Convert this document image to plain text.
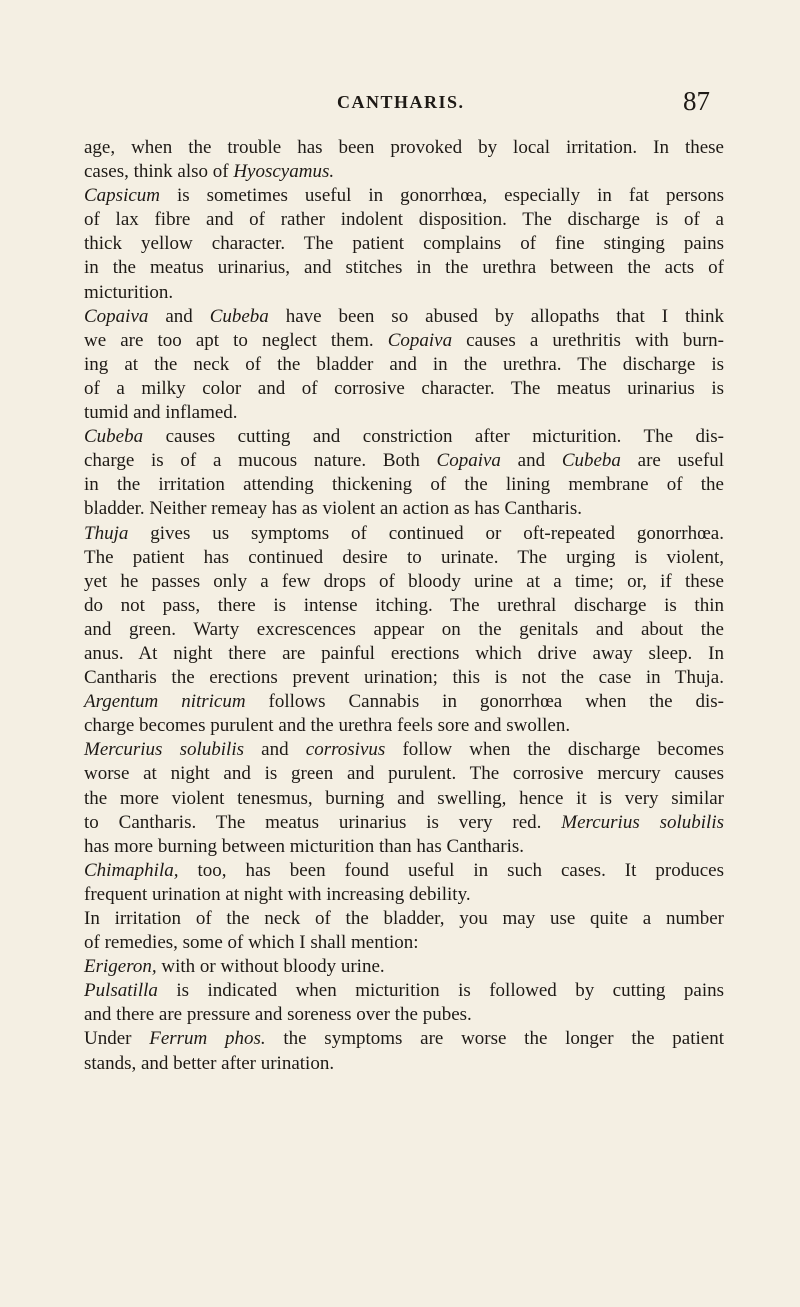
CANTHARIS.	87
age, when the trouble has been provoked by local irritation. In these
cases, think also of Hyoscyamus.
Capsicum is sometimes useful in gonorrhœa, especially in fat persons
of lax fibre and of rather indolent disposition. The discharge is of a
thick yellow character. The patient complains of fine stinging pains
in the meatus urinarius, and stitches in the urethra between the acts of
micturition.
Copaiva and Cubeba have been so abused by allopaths that I think
we are too apt to neglect them. Copaiva causes a urethritis with burn-
ing at the neck of the bladder and in the urethra. The discharge is
of a milky color and of corrosive character. The meatus urinarius is
tumid and inflamed.
Cubeba causes cutting and constriction after micturition. The dis-
charge is of a mucous nature. Both Copaiva and Cubeba are useful
in the irritation attending thickening of the lining membrane of the
bladder. Neither remeay has as violent an action as has Cantharis.
Thuja gives us symptoms of continued or oft-repeated gonorrhœa.
The patient has continued desire to urinate. The urging is violent,
yet he passes only a few drops of bloody urine at a time; or, if these
do not pass, there is intense itching. The urethral discharge is thin
and green. Warty excrescences appear on the genitals and about the
anus. At night there are painful erections which drive away sleep. In
Cantharis the erections prevent urination; this is not the case in Thuja.
Argentum nitricum follows Cannabis in gonorrhœa when the dis-
charge becomes purulent and the urethra feels sore and swollen.
Mercurius solubilis and corrosivus follow when the discharge becomes
worse at night and is green and purulent. The corrosive mercury causes
the more violent tenesmus, burning and swelling, hence it is very similar
to Cantharis. The meatus urinarius is very red. Mercurius solubilis
has more burning between micturition than has Cantharis.
Chimaphila, too, has been found useful in such cases. It produces
frequent urination at night with increasing debility.
In irritation of the neck of the bladder, you may use quite a number
of remedies, some of which I shall mention:
Erigeron, with or without bloody urine.
Pulsatilla is indicated when micturition is followed by cutting pains
and there are pressure and soreness over the pubes.
Under Ferrum phos. the symptoms are worse the longer the patient
stands, and better after urination.
